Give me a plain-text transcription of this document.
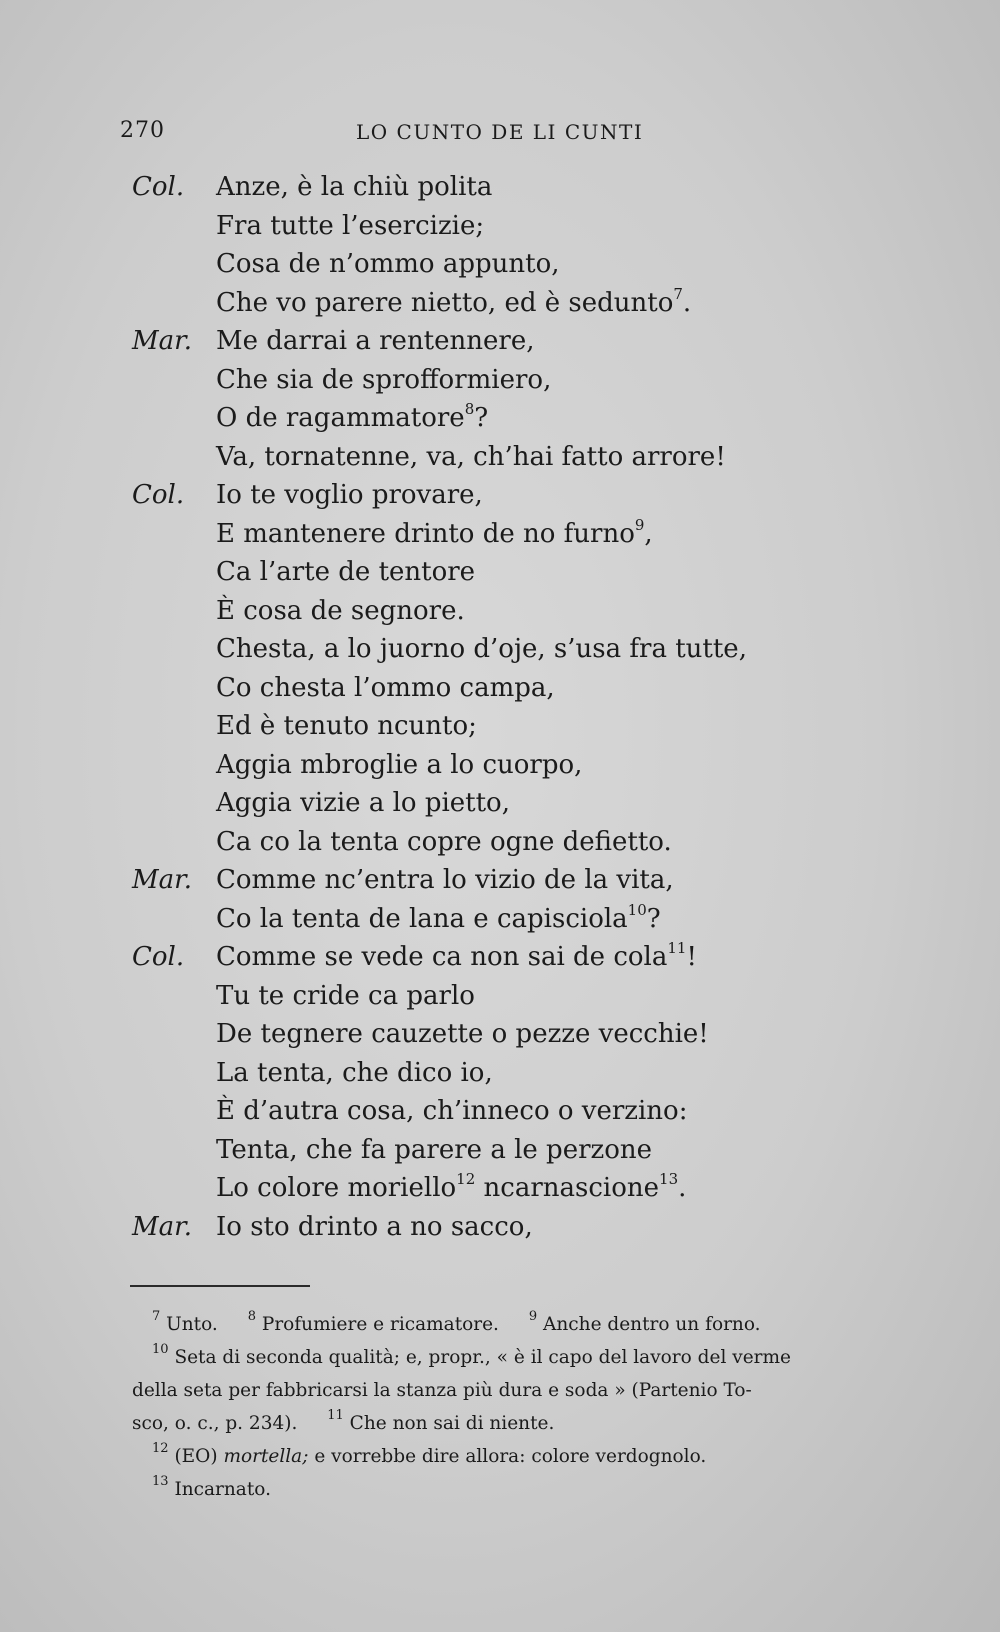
270	LO CUNTO DE LI CUNTI
Col.	Anze, è la chiù polita
Fra tutte l’esercizie;
Cosa de n’ommo appunto,
Che vo parere nietto, ed è sedunto$^7$.
Mar. Me darrai a rentennere,
Che sia de sprofformiero,
O de ragammatore$^8$?
Va, tornatenne, va, ch’hai fatto arrore!
Col.	Io te voglio provare,
E mantenere drinto de no furno$^9$,
Ca l’arte de tentore
È cosa de segnore.
Chesta, a lo juorno d’oje, s’usa fra tutte,
Co chesta l’ommo campa,
Ed è tenuto ncunto;
Aggia mbroglie a lo cuorpo,
Aggia vizie a lo pietto,
Ca co la tenta copre ogne defietto.
Mar. Comme nc’entra lo vizio de la vita,
Co la tenta de lana e capisciola$^{10}$?
Col.	Comme se vede ca non sai de cola$^{11}$!
Tu te cride ca parlo
De tegnere cauzette o pezze vecchie!
La tenta, che dico io,
È d’autra cosa, ch’inneco o verzino:
Tenta, che fa parere a le perzone
Lo colore moriello$^{12}$ ncarnascione$^{13}$.
Mar. Io sto drinto a no sacco,
$^7$ Unto. $^8$ Profumiere e ricamatore. $^9$ Anche dentro un forno.
$^{10}$ Seta di seconda qualità; e, propr., « è il capo del lavoro del verme
della seta per fabbricarsi la stanza più dura e soda » (Partenio To-
sco, o. c., p. 234). $^{11}$ Che non sai di niente.
$^{12}$ (EO) mortella; e vorrebbe dire allora: colore verdognolo.
$^{13}$ Incarnato.
